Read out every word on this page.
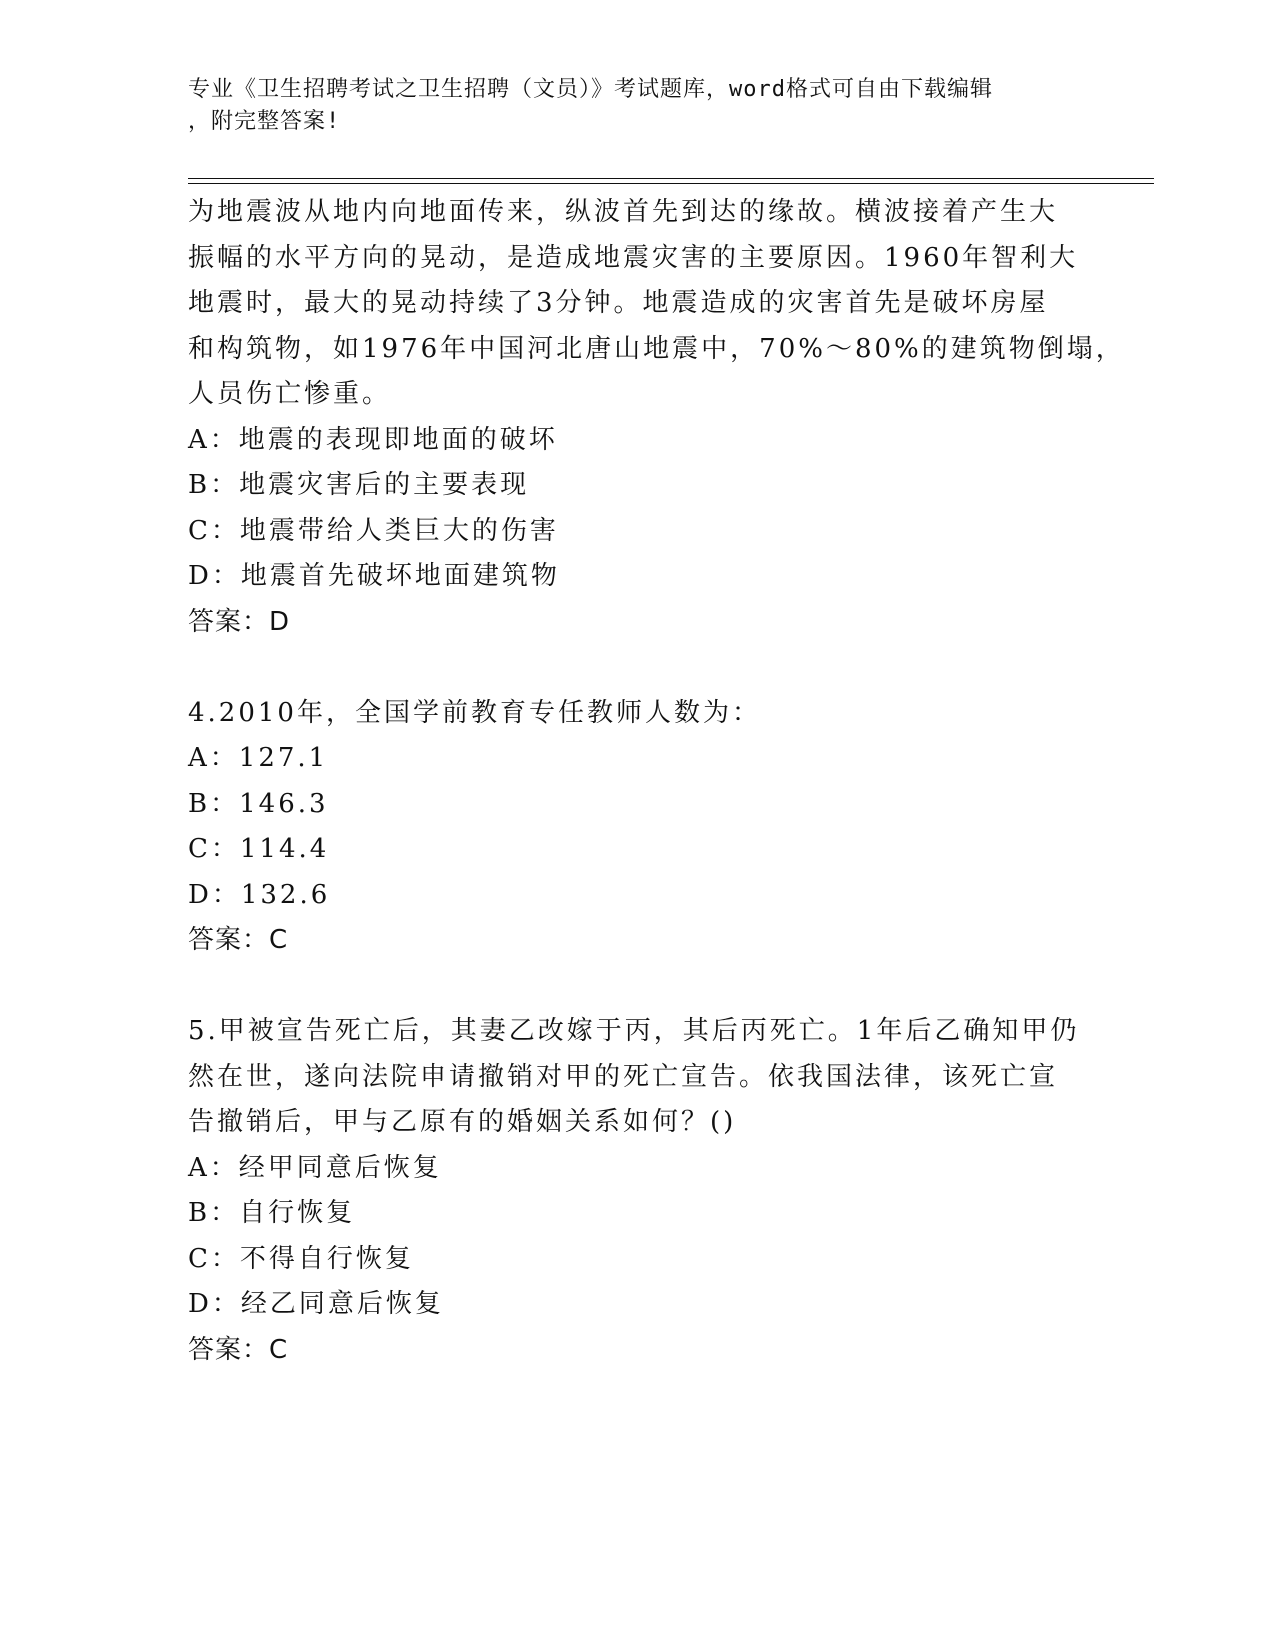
专业《卫生招聘考试之卫生招聘（文员）》考试题库，word格式可自由下载编辑
，附完整答案!
为地震波从地内向地面传来，纵波首先到达的缘故。横波接着产生大
振幅的水平方向的晃动，是造成地震灾害的主要原因。1960年智利大
地震时，最大的晃动持续了3分钟。地震造成的灾害首先是破坏房屋
和构筑物，如1976年中国河北唐山地震中，70%～80%的建筑物倒塌，
人员伤亡惨重。
A：地震的表现即地面的破坏
B：地震灾害后的主要表现
C：地震带给人类巨大的伤害
D：地震首先破坏地面建筑物
答案：D
4.2010年，全国学前教育专任教师人数为：
A：127.1
B：146.3
C：114.4
D：132.6
答案：C
5.甲被宣告死亡后，其妻乙改嫁于丙，其后丙死亡。1年后乙确知甲仍
然在世，遂向法院申请撤销对甲的死亡宣告。依我国法律，该死亡宣
告撤销后，甲与乙原有的婚姻关系如何？()
A：经甲同意后恢复
B：自行恢复
C：不得自行恢复
D：经乙同意后恢复
答案：C
